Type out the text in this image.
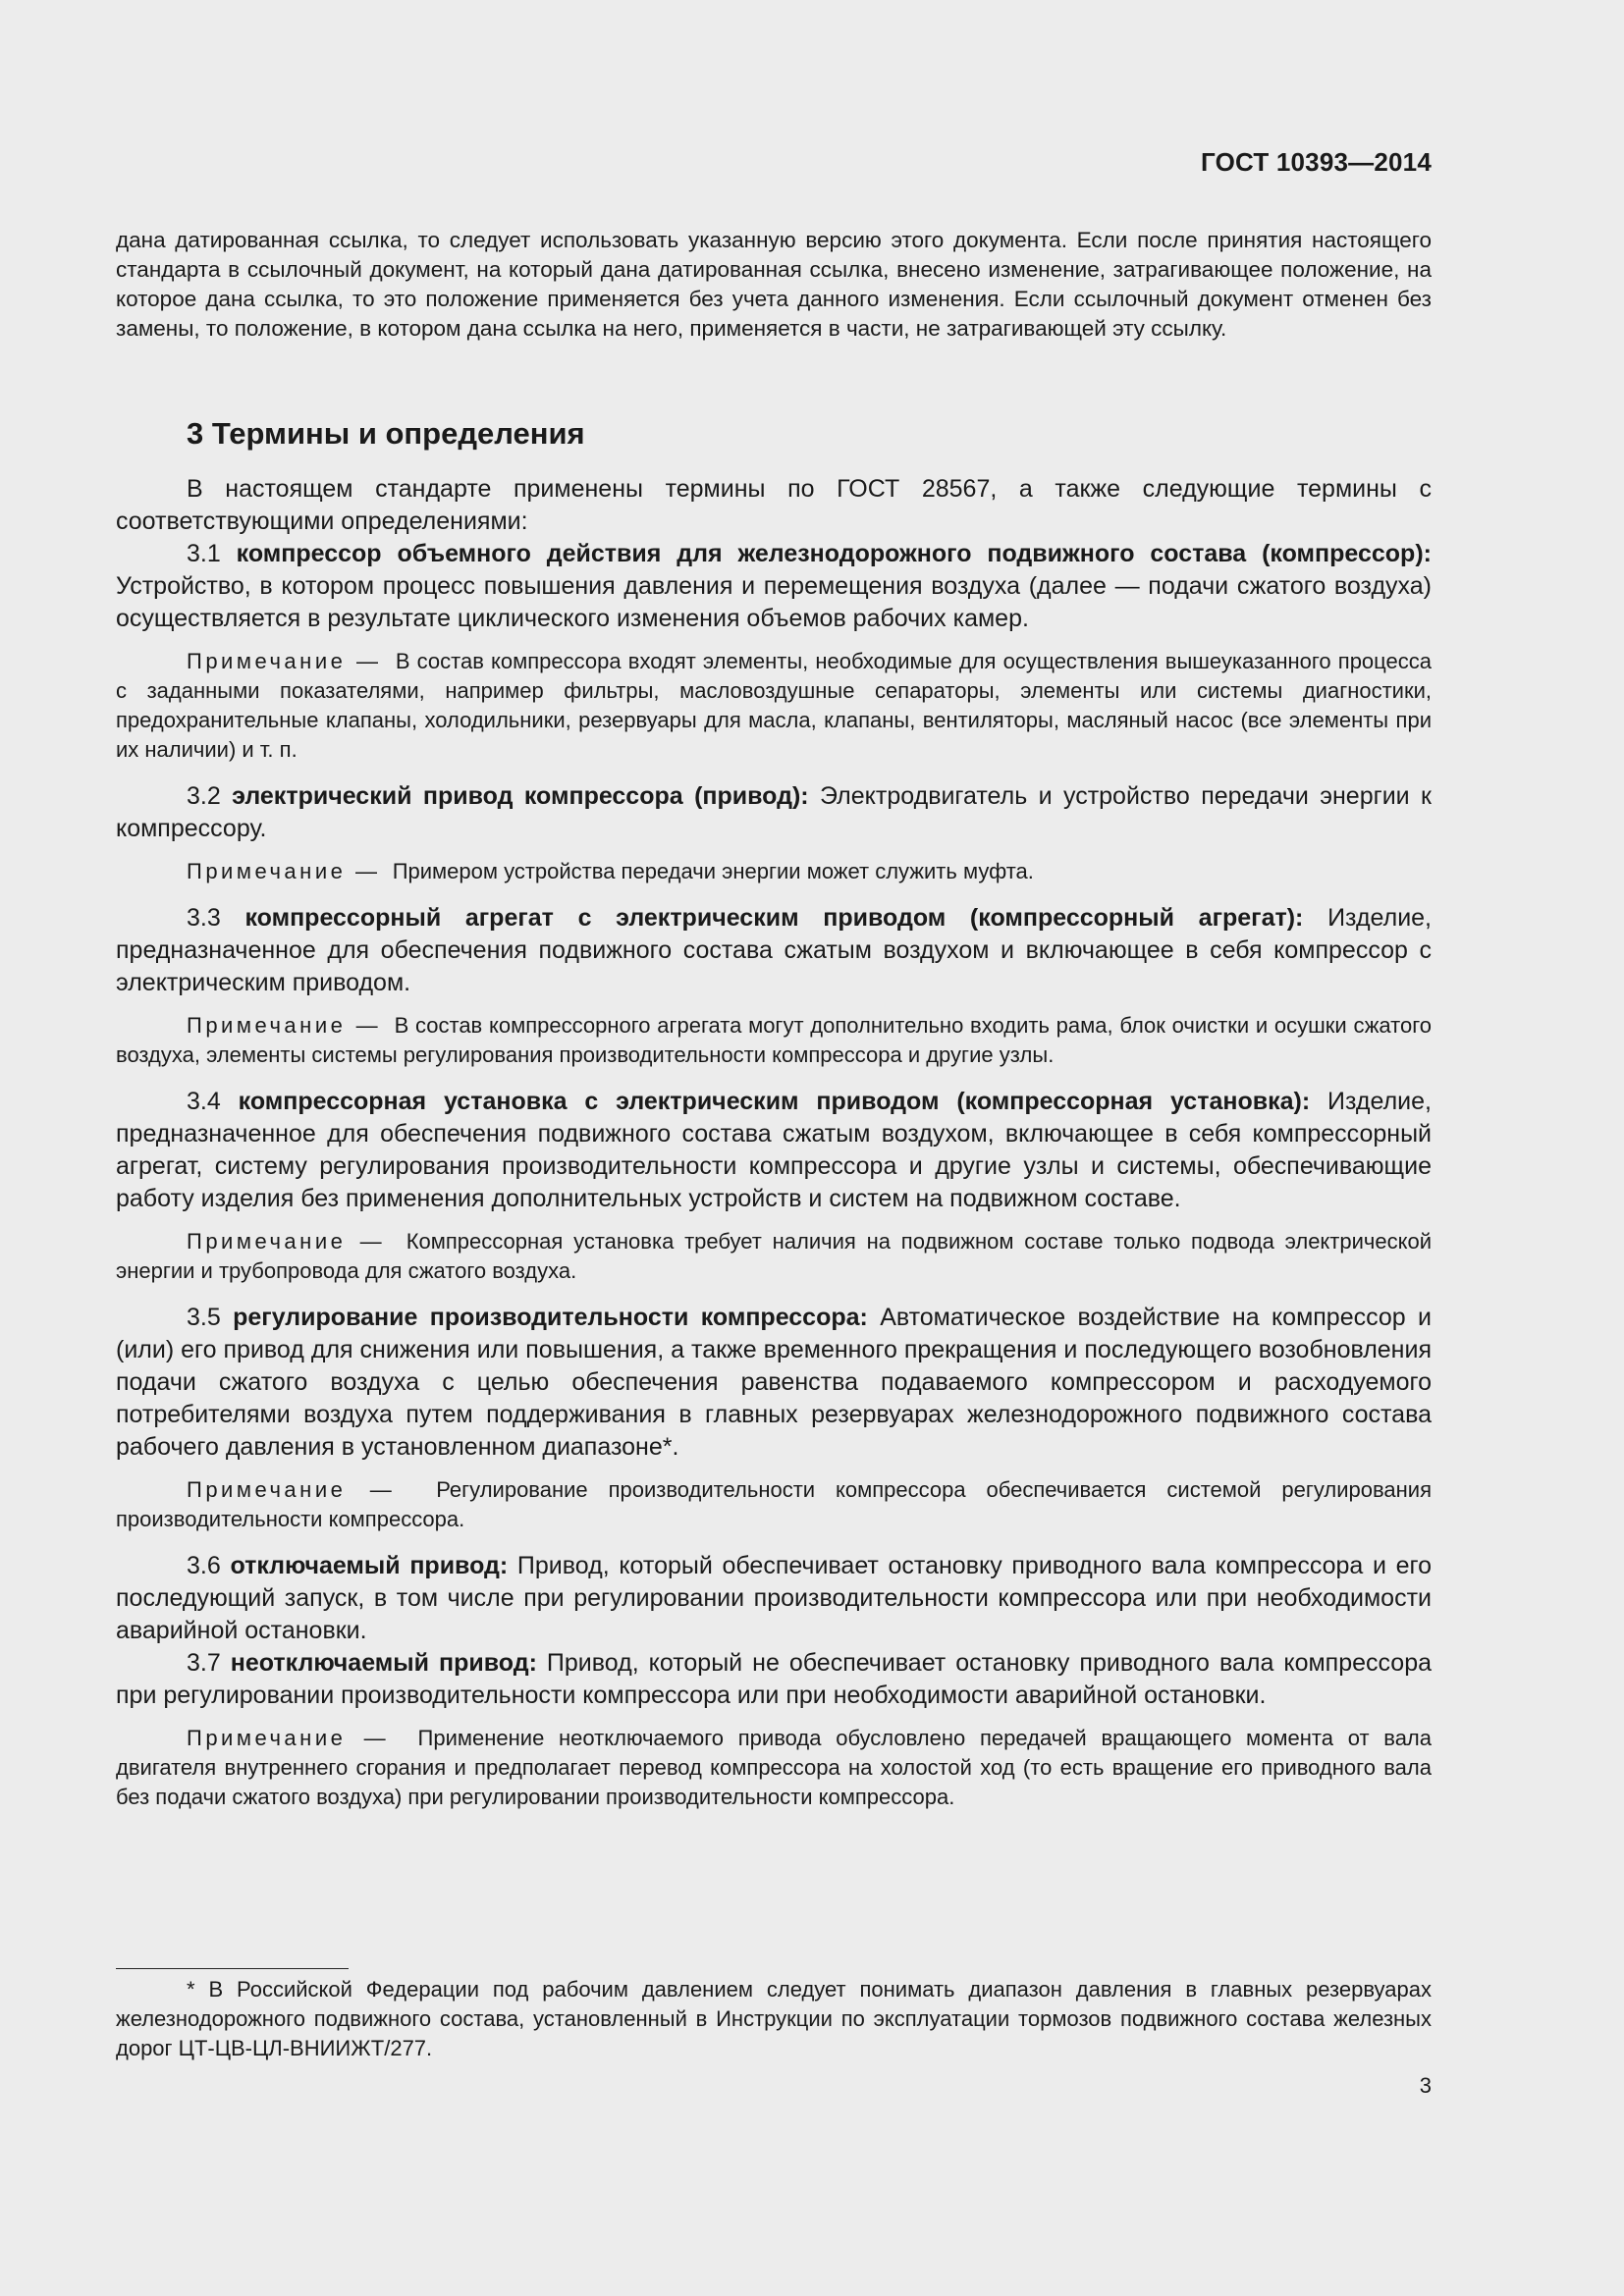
ГОСТ 10393—2014

дана датированная ссылка, то следует использовать указанную версию этого документа. Если после принятия настоящего стандарта в ссылочный документ, на который дана датированная ссылка, внесено изменение, затрагивающее положение, на которое дана ссылка, то это положение применяется без учета данного изменения. Если ссылочный документ отменен без замены, то положение, в котором дана ссылка на него, применяется в части, не затрагивающей эту ссылку.

3 Термины и определения

В настоящем стандарте применены термины по ГОСТ 28567, а также следующие термины с соответствующими определениями:

3.1 компрессор объемного действия для железнодорожного подвижного состава (компрессор): Устройство, в котором процесс повышения давления и перемещения воздуха (далее — подачи сжатого воздуха) осуществляется в результате циклического изменения объемов рабочих камер.

Примечание — В состав компрессора входят элементы, необходимые для осуществления вышеуказанного процесса с заданными показателями, например фильтры, масловоздушные сепараторы, элементы или системы диагностики, предохранительные клапаны, холодильники, резервуары для масла, клапаны, вентиляторы, масляный насос (все элементы при их наличии) и т. п.

3.2 электрический привод компрессора (привод): Электродвигатель и устройство передачи энергии к компрессору.

Примечание — Примером устройства передачи энергии может служить муфта.

3.3 компрессорный агрегат с электрическим приводом (компрессорный агрегат): Изделие, предназначенное для обеспечения подвижного состава сжатым воздухом и включающее в себя компрессор с электрическим приводом.

Примечание — В состав компрессорного агрегата могут дополнительно входить рама, блок очистки и осушки сжатого воздуха, элементы системы регулирования производительности компрессора и другие узлы.

3.4 компрессорная установка с электрическим приводом (компрессорная установка): Изделие, предназначенное для обеспечения подвижного состава сжатым воздухом, включающее в себя компрессорный агрегат, систему регулирования производительности компрессора и другие узлы и системы, обеспечивающие работу изделия без применения дополнительных устройств и систем на подвижном составе.

Примечание — Компрессорная установка требует наличия на подвижном составе только подвода электрической энергии и трубопровода для сжатого воздуха.

3.5 регулирование производительности компрессора: Автоматическое воздействие на компрессор и (или) его привод для снижения или повышения, а также временного прекращения и последующего возобновления подачи сжатого воздуха с целью обеспечения равенства подаваемого компрессором и расходуемого потребителями воздуха путем поддерживания в главных резервуарах железнодорожного подвижного состава рабочего давления в установленном диапазоне*.

Примечание — Регулирование производительности компрессора обеспечивается системой регулирования производительности компрессора.

3.6 отключаемый привод: Привод, который обеспечивает остановку приводного вала компрессора и его последующий запуск, в том числе при регулировании производительности компрессора или при необходимости аварийной остановки.

3.7 неотключаемый привод: Привод, который не обеспечивает остановку приводного вала компрессора при регулировании производительности компрессора или при необходимости аварийной остановки.

Примечание — Применение неотключаемого привода обусловлено передачей вращающего момента от вала двигателя внутреннего сгорания и предполагает перевод компрессора на холостой ход (то есть вращение его приводного вала без подачи сжатого воздуха) при регулировании производительности компрессора.

* В Российской Федерации под рабочим давлением следует понимать диапазон давления в главных резервуарах железнодорожного подвижного состава, установленный в Инструкции по эксплуатации тормозов подвижного состава железных дорог ЦТ-ЦВ-ЦЛ-ВНИИЖТ/277.

3
